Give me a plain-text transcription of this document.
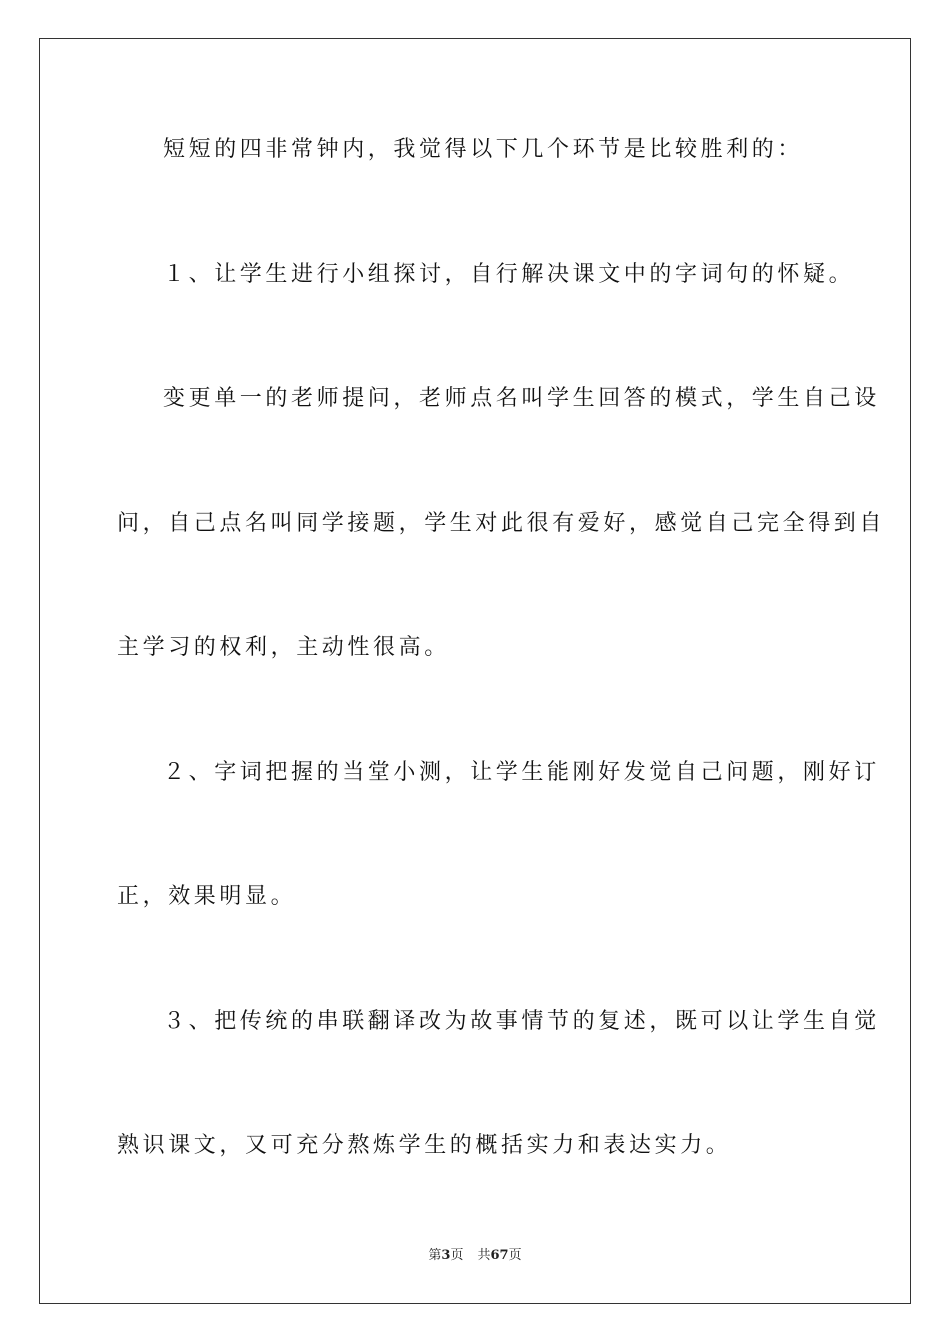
短短的四非常钟内，我觉得以下几个环节是比较胜利的：
１、让学生进行小组探讨，自行解决课文中的字词句的怀疑。
变更单一的老师提问，老师点名叫学生回答的模式，学生自己设
问，自己点名叫同学接题，学生对此很有爱好，感觉自己完全得到自
主学习的权利，主动性很高。
２、字词把握的当堂小测，让学生能刚好发觉自己问题，刚好订
正，效果明显。
３、把传统的串联翻译改为故事情节的复述，既可以让学生自觉
熟识课文，又可充分熬炼学生的概括实力和表达实力。
第3页 共67页
